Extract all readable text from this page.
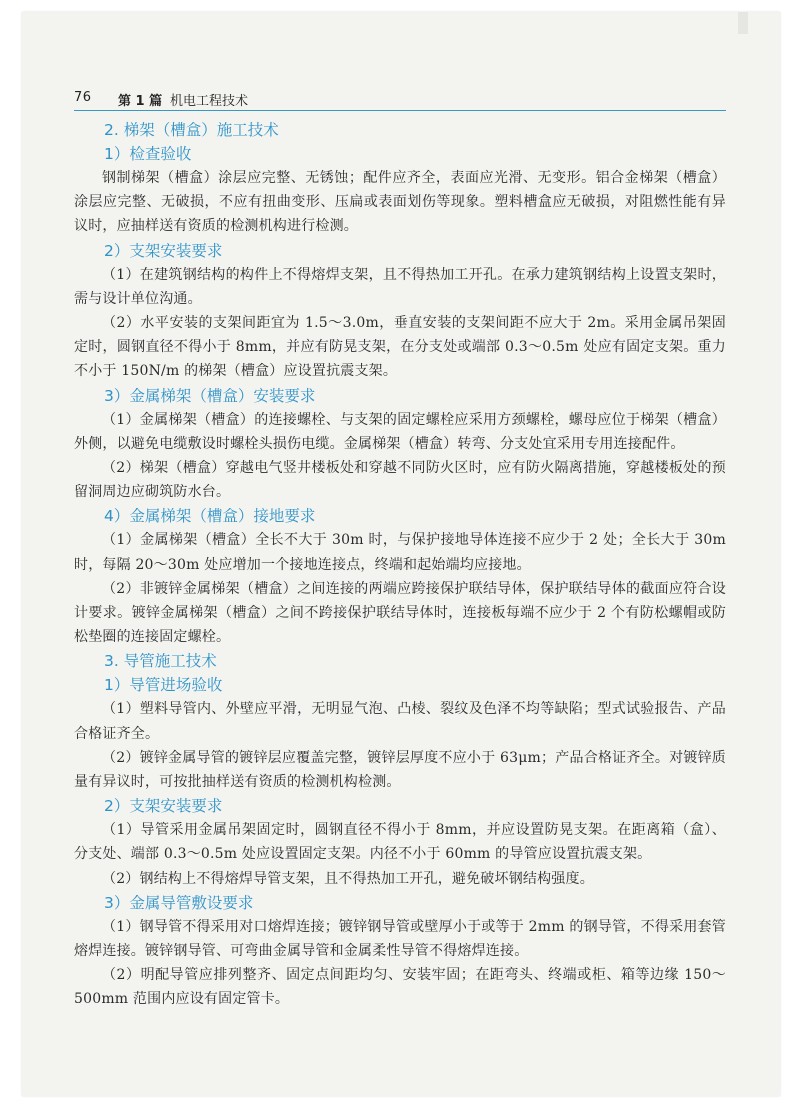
76 第 1 篇 机电工程技术
2. 梯架（槽盒）施工技术
1）检查验收

钢制梯架（槽盒）涂层应完整、无锈蚀；配件应齐全，表面应光滑、无变形。铝合金梯架（槽盒）涂层应完整、无破损，不应有扭曲变形、压扁或表面划伤等现象。塑料槽盒应无破损，对阻燃性能有异议时，应抽样送有资质的检测机构进行检测。

2）支架安装要求

（1）在建筑钢结构的构件上不得熔焊支架，且不得热加工开孔。在承力建筑钢结构上设置支架时，需与设计单位沟通。

（2）水平安装的支架间距宜为 1.5～3.0m，垂直安装的支架间距不应大于 2m。采用金属吊架固定时，圆钢直径不得小于 8mm，并应有防晃支架，在分支处或端部 0.3～0.5m 处应有固定支架。重力不小于 150N/m 的梯架（槽盒）应设置抗震支架。

3）金属梯架（槽盒）安装要求

（1）金属梯架（槽盒）的连接螺栓、与支架的固定螺栓应采用方颈螺栓，螺母应位于梯架（槽盒）外侧，以避免电缆敷设时螺栓头损伤电缆。金属梯架（槽盒）转弯、分支处宜采用专用连接配件。

（2）梯架（槽盒）穿越电气竖井楼板处和穿越不同防火区时，应有防火隔离措施，穿越楼板处的预留洞周边应砌筑防水台。

4）金属梯架（槽盒）接地要求

（1）金属梯架（槽盒）全长不大于 30m 时，与保护接地导体连接不应少于 2 处；全长大于 30m 时，每隔 20～30m 处应增加一个接地连接点，终端和起始端均应接地。

（2）非镀锌金属梯架（槽盒）之间连接的两端应跨接保护联结导体，保护联结导体的截面应符合设计要求。镀锌金属梯架（槽盒）之间不跨接保护联结导体时，连接板每端不应少于 2 个有防松螺帽或防松垫圈的连接固定螺栓。

3. 导管施工技术
1）导管进场验收

（1）塑料导管内、外壁应平滑，无明显气泡、凸棱、裂纹及色泽不均等缺陷；型式试验报告、产品合格证齐全。

（2）镀锌金属导管的镀锌层应覆盖完整，镀锌层厚度不应小于 63μm；产品合格证齐全。对镀锌质量有异议时，可按批抽样送有资质的检测机构检测。

2）支架安装要求

（1）导管采用金属吊架固定时，圆钢直径不得小于 8mm，并应设置防晃支架。在距离箱（盒）、分支处、端部 0.3～0.5m 处应设置固定支架。内径不小于 60mm 的导管应设置抗震支架。

（2）钢结构上不得熔焊导管支架，且不得热加工开孔，避免破坏钢结构强度。

3）金属导管敷设要求

（1）钢导管不得采用对口熔焊连接；镀锌钢导管或壁厚小于或等于 2mm 的钢导管，不得采用套管熔焊连接。镀锌钢导管、可弯曲金属导管和金属柔性导管不得熔焊连接。

（2）明配导管应排列整齐、固定点间距均匀、安装牢固；在距弯头、终端或柜、箱等边缘 150～500mm 范围内应设有固定管卡。
